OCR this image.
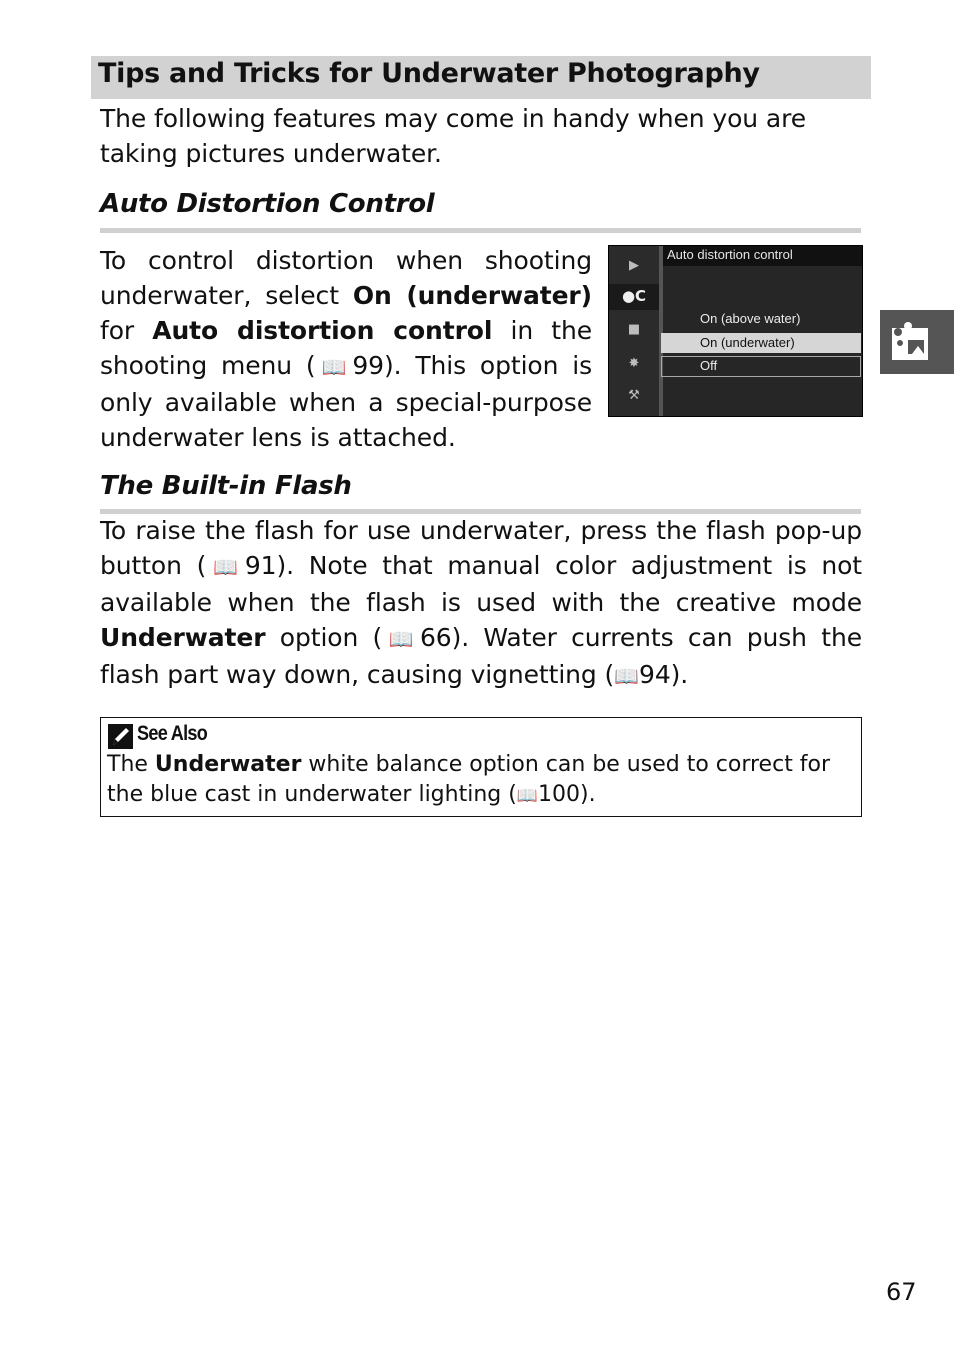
Tips and Tricks for Underwater Photography
The following features may come in handy when you are taking pictures underwater.
Auto Distortion Control
To control distortion when shooting underwater, select On (underwater) for Auto distortion control in the shooting menu (📖99). This option is only available when a special-purpose underwater lens is attached.
Auto distortion control
▶
●C
■
✸
⚒
On (above water)
On (underwater)
Off
The Built-in Flash
To raise the flash for use underwater, press the flash pop-up button (📖91). Note that manual color adjustment is not available when the flash is used with the creative mode Underwater option (📖66). Water currents can push the flash part way down, causing vignetting (📖94).
See Also
The Underwater white balance option can be used to correct for the blue cast in underwater lighting (📖100).
67
